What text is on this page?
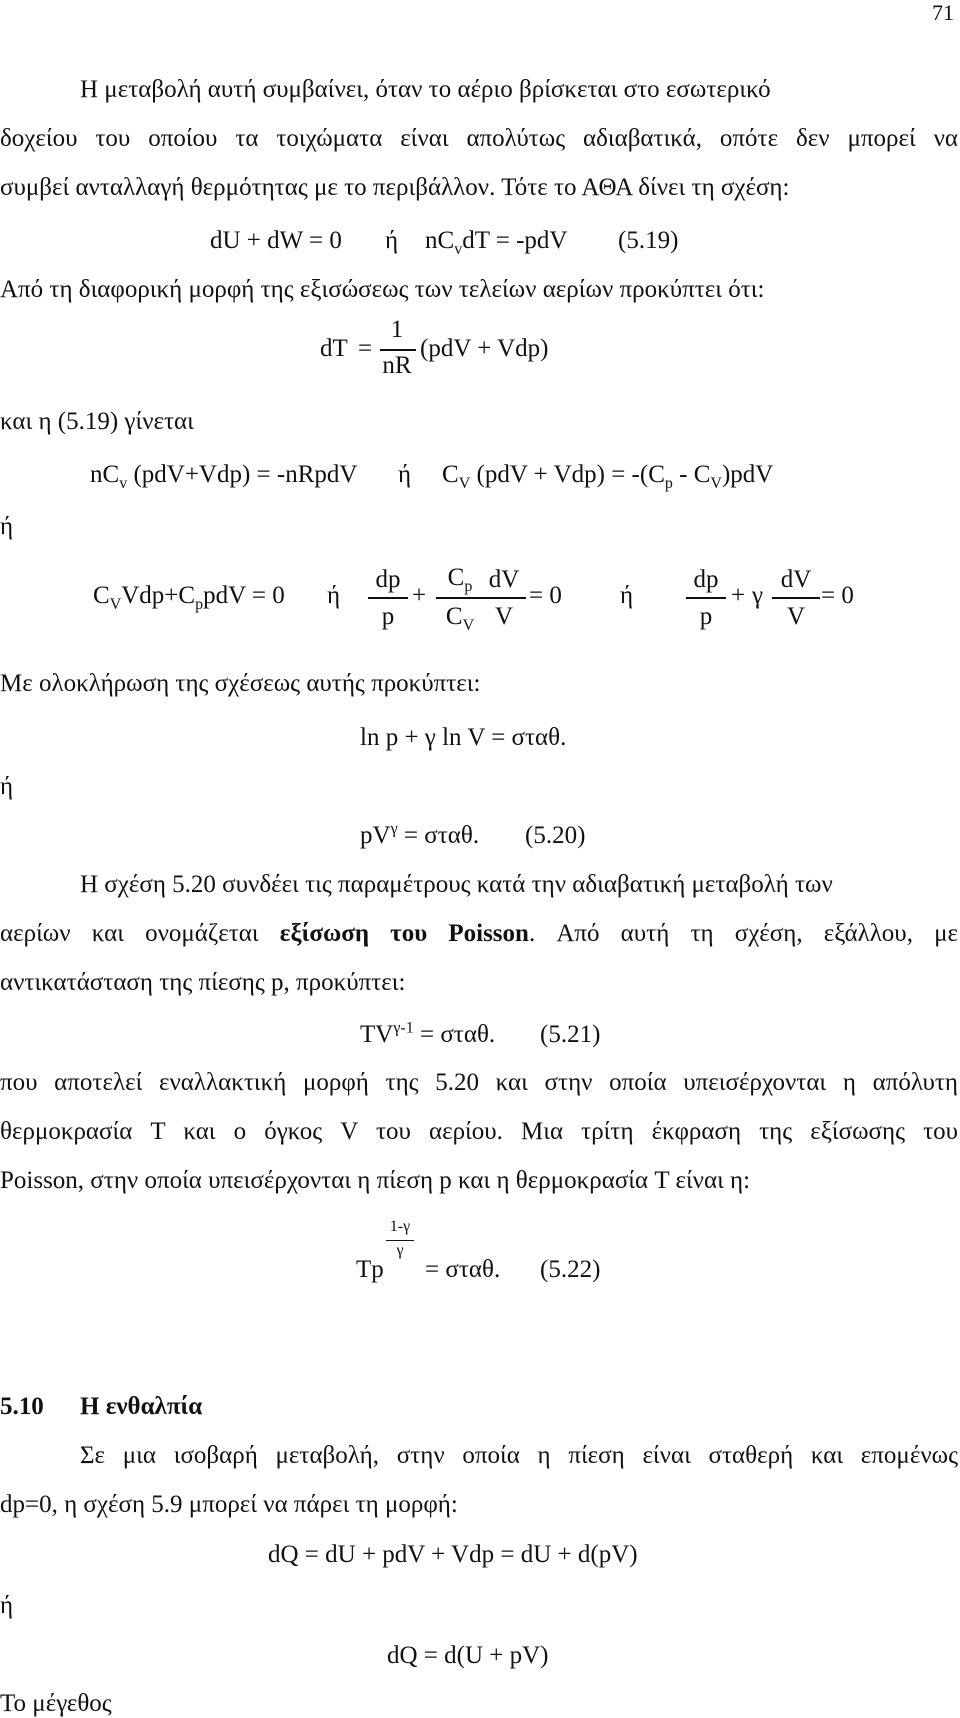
71
Η μεταβολή αυτή συμβαίνει, όταν το αέριο βρίσκεται στο εσωτερικό
δοχείου του οποίου τα τοιχώματα είναι απολύτως αδιαβατικά, οπότε δεν μπορεί να
συμβεί ανταλλαγή θερμότητας με το περιβάλλον. Τότε το ΑΘΑ δίνει τη σχέση:
dU + dW = 0 ή $nC_vdT = -pdV$ (5.19)
Από τη διαφορική μορφή της εξισώσεως των τελείων αερίων προκύπτει ότι:
dT =
1
nR
(pdV + Vdp)
και η (5.19) γίνεται
$nC_v$ (pdV+Vdp) = -nRpdV ή $C_V$ $(pdV + Vdp) = -(C_p - C_V)pdV$
ή
$C_VVdp+C_ppdV = 0$ ή
dp
p
+
$C_p$
$C_V$
dV
V
= 0 ή
dp
p
+ γ
dV
V
= 0
Με ολοκλήρωση της σχέσεως αυτής προκύπτει:
ln p + γ ln V = σταθ.
ή
$pV^\gamma = \sigma\tau\alpha\theta$. (5.20)
Η σχέση 5.20 συνδέει τις παραμέτρους κατά την αδιαβατική μεταβολή των
αερίων και ονομάζεται εξίσωση του Poisson. Από αυτή τη σχέση, εξάλλου, με
αντικατάσταση της πίεσης p, προκύπτει:
$TV^{\gamma-1} = \sigma\tau\alpha\theta$. (5.21)
που αποτελεί εναλλακτική μορφή της 5.20 και στην οποία υπεισέρχονται η απόλυτη
θερμοκρασία T και ο όγκος V του αερίου. Μια τρίτη έκφραση της εξίσωσης του
Poisson, στην οποία υπεισέρχονται η πίεση p και η θερμοκρασία T είναι η:
Tp
1-γ
γ
= σταθ. (5.22)
5.10 Η ενθαλπία
Σε μια ισοβαρή μεταβολή, στην οποία η πίεση είναι σταθερή και επομένως
dp=0, η σχέση 5.9 μπορεί να πάρει τη μορφή:
dQ = dU + pdV + Vdp = dU + d(pV)
ή
dQ = d(U + pV)
Το μέγεθος
